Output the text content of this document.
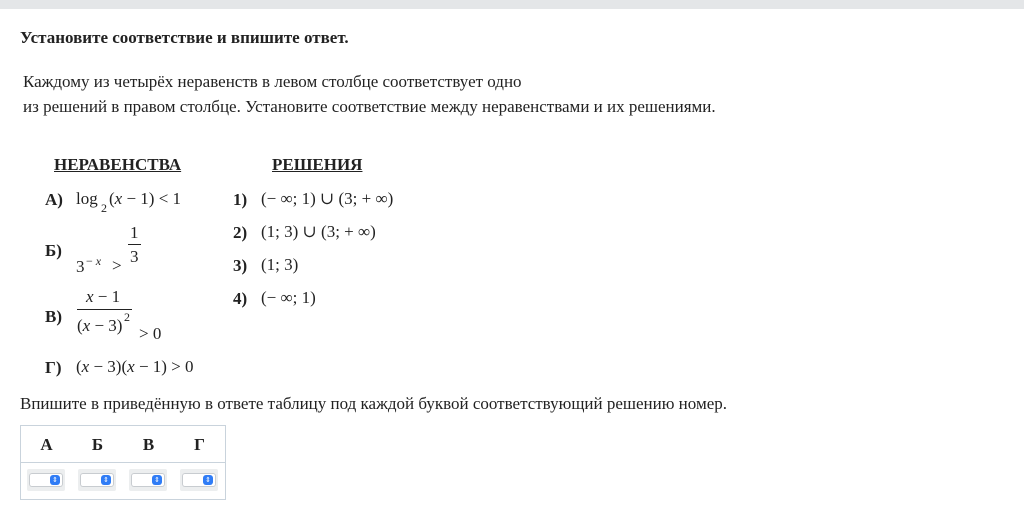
Установите соответствие и впишите ответ.
Каждому из четырёх неравенств в левом столбце соответствует одно
из решений в правом столбце. Установите соответствие между неравенствами и их решениями.
НЕРАВЕНСТВА	РЕШЕНИЯ
А) log 2 (x − 1) < 1
Б)
3 − x >
1
3
В)
x − 1
(x − 3) 2
> 0
Г) (x − 3)(x − 1) > 0
1) (− ∞; 1) ∪ (3; + ∞)
2) (1; 3) ∪ (3; + ∞)
3) (1; 3)
4) (− ∞; 1)
Впишите в приведённую в ответе таблицу под каждой буквой соответствующий решению номер.
А	Б	В	Г
⇕	⇕	⇕	⇕
